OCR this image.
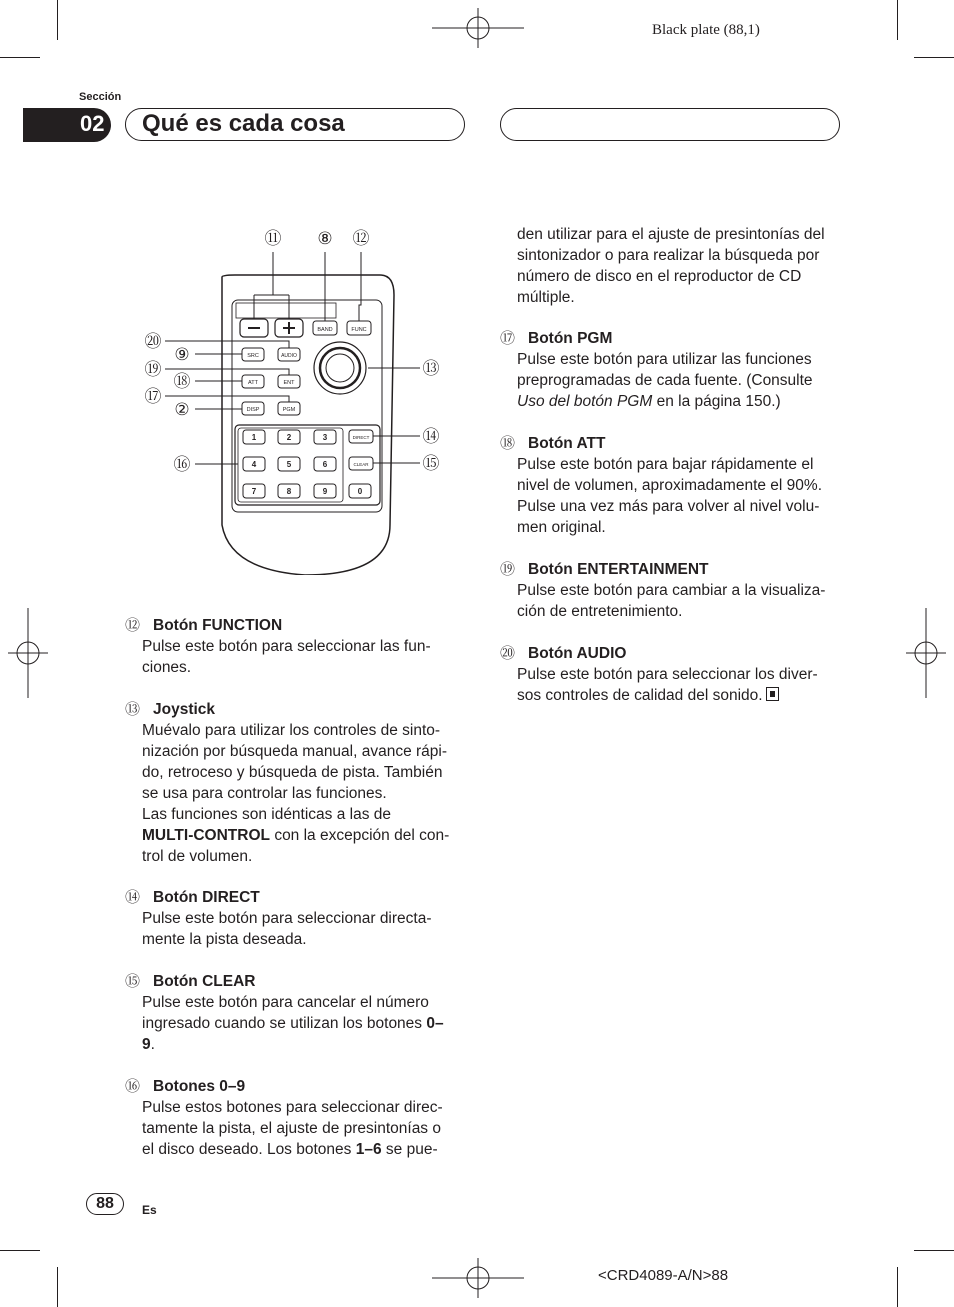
Black plate (88,1)
Sección
02 Qué es cada cosa
BAND	FUNC
SRC	AUDIO
ATT	ENT
DISP	PGM
1	2	3
4	5	6
7	8	9	0
DIRECT
CLEAR
⑪ ⑧ ⑫
⑳
⑨
⑲
⑱
⑰
②
⑯
⑬
⑭
⑮
⑫ Botón FUNCTION
Pulse este botón para seleccionar las fun-ciones.
⑬ Joystick
Muévalo para utilizar los controles de sinto-nización por búsqueda manual, avance rápi-do, retroceso y búsqueda de pista. También se usa para controlar las funciones.
Las funciones son idénticas a las de
MULTI-CONTROL con la excepción del con-trol de volumen.
⑭ Botón DIRECT
Pulse este botón para seleccionar directa-mente la pista deseada.
⑮ Botón CLEAR
Pulse este botón para cancelar el número ingresado cuando se utilizan los botones 0–9.
⑯ Botones 0–9
Pulse estos botones para seleccionar direc-tamente la pista, el ajuste de presintonías o el disco deseado. Los botones 1–6 se pue-
den utilizar para el ajuste de presintonías del sintonizador o para realizar la búsqueda por número de disco en el reproductor de CD múltiple.
⑰ Botón PGM
Pulse este botón para utilizar las funciones preprogramadas de cada fuente. (Consulte Uso del botón PGM en la página 150.)
⑱ Botón ATT
Pulse este botón para bajar rápidamente el nivel de volumen, aproximadamente el 90%. Pulse una vez más para volver al nivel volu-men original.
⑲ Botón ENTERTAINMENT
Pulse este botón para cambiar a la visualiza-ción de entretenimiento.
⑳ Botón AUDIO
Pulse este botón para seleccionar los diver-sos controles de calidad del sonido.
88	Es
<CRD4089-A/N>88
